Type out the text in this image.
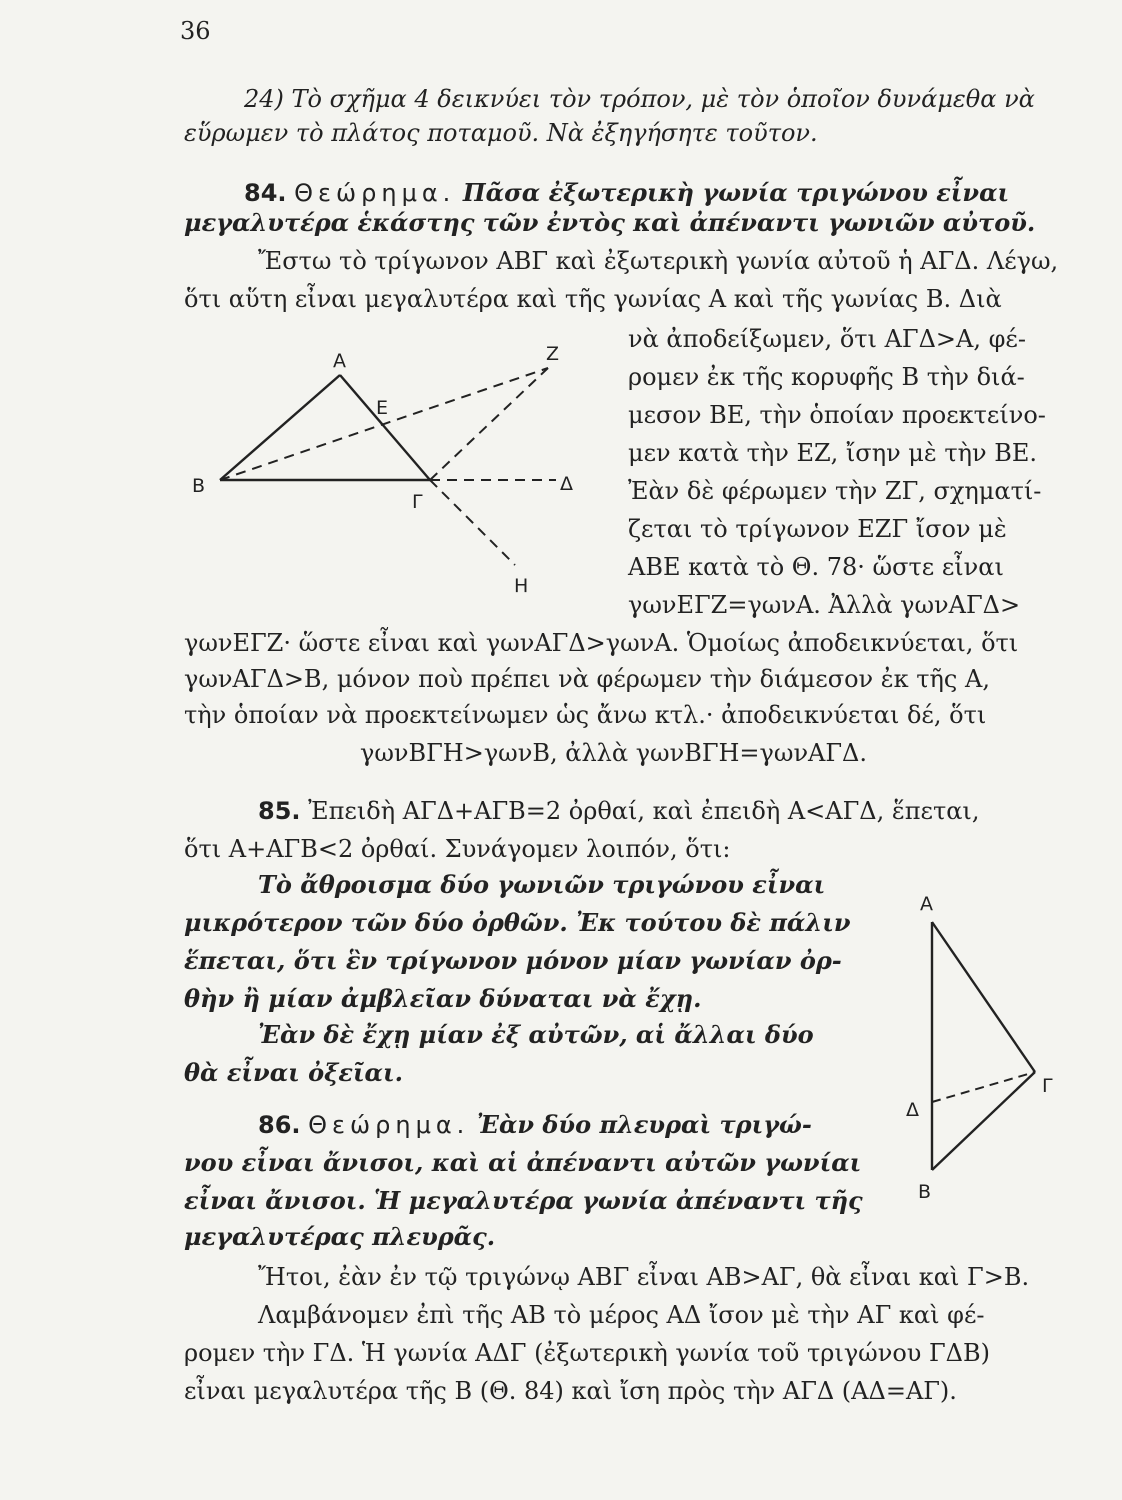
36
24) Τὸ σχῆμα 4 δεικνύει τὸν τρόπον, μὲ τὸν ὁποῖον δυνάμεθα νὰ
εὕρωμεν τὸ πλάτος ποταμοῦ. Νὰ ἐξηγήσητε τοῦτον.
84. Θεώρημα. Πᾶσα ἐξωτερικὴ γωνία τριγώνου εἶναι
μεγαλυτέρα ἑκάστης τῶν ἐντὸς καὶ ἀπέναντι γωνιῶν αὐτοῦ.
Ἔστω τὸ τρίγωνον ΑΒΓ καὶ ἐξωτερικὴ γωνία αὐτοῦ ἡ ΑΓΔ. Λέγω,
ὅτι αὕτη εἶναι μεγαλυτέρα καὶ τῆς γωνίας Α καὶ τῆς γωνίας Β. Διὰ
νὰ ἀποδείξωμεν, ὅτι ΑΓΔ>Α, φέ-
ρομεν ἐκ τῆς κορυφῆς Β τὴν διά-
μεσον ΒΕ, τὴν ὁποίαν προεκτείνο-
μεν κατὰ τὴν ΕΖ, ἴσην μὲ τὴν ΒΕ.
Ἐὰν δὲ φέρωμεν τὴν ΖΓ, σχηματί-
ζεται τὸ τρίγωνον ΕΖΓ ἴσον μὲ
ΑΒΕ κατὰ τὸ Θ. 78· ὥστε εἶναι
γωνΕΓΖ=γωνΑ. Ἀλλὰ γωνΑΓΔ>
Α	Ζ
Ε
Β
Γ
Δ
Η
γωνΕΓΖ· ὥστε εἶναι καὶ γωνΑΓΔ>γωνΑ. Ὁμοίως ἀποδεικνύεται, ὅτι
γωνΑΓΔ>Β, μόνον ποὺ πρέπει νὰ φέρωμεν τὴν διάμεσον ἐκ τῆς Α,
τὴν ὁποίαν νὰ προεκτείνωμεν ὡς ἄνω κτλ.· ἀποδεικνύεται δέ, ὅτι
γωνΒΓΗ>γωνΒ, ἀλλὰ γωνΒΓΗ=γωνΑΓΔ.
85. Ἐπειδὴ ΑΓΔ+ΑΓΒ=2 ὀρθαί, καὶ ἐπειδὴ Α<ΑΓΔ, ἕπεται,
ὅτι Α+ΑΓΒ<2 ὀρθαί. Συνάγομεν λοιπόν, ὅτι:
Τὸ ἄθροισμα δύο γωνιῶν τριγώνου εἶναι
μικρότερον τῶν δύο ὀρθῶν. Ἐκ τούτου δὲ πάλιν
ἕπεται, ὅτι ἓν τρίγωνον μόνον μίαν γωνίαν ὀρ-
θὴν ἢ μίαν ἀμβλεῖαν δύναται νὰ ἔχῃ.
Ἐὰν δὲ ἔχῃ μίαν ἐξ αὐτῶν, αἱ ἄλλαι δύο
θὰ εἶναι ὀξεῖαι.
Α
Γ
Δ
Β
86. Θεώρημα. Ἐὰν δύο πλευραὶ τριγώ-
νου εἶναι ἄνισοι, καὶ αἱ ἀπέναντι αὐτῶν γωνίαι
εἶναι ἄνισοι. Ἡ μεγαλυτέρα γωνία ἀπέναντι τῆς
μεγαλυτέρας πλευρᾶς.
Ἤτοι, ἐὰν ἐν τῷ τριγώνῳ ΑΒΓ εἶναι ΑΒ>ΑΓ, θὰ εἶναι καὶ Γ>Β.
Λαμβάνομεν ἐπὶ τῆς ΑΒ τὸ μέρος ΑΔ ἴσον μὲ τὴν ΑΓ καὶ φέ-
ρομεν τὴν ΓΔ. Ἡ γωνία ΑΔΓ (ἐξωτερικὴ γωνία τοῦ τριγώνου ΓΔΒ)
εἶναι μεγαλυτέρα τῆς Β (Θ. 84) καὶ ἴση πρὸς τὴν ΑΓΔ (ΑΔ=ΑΓ).
